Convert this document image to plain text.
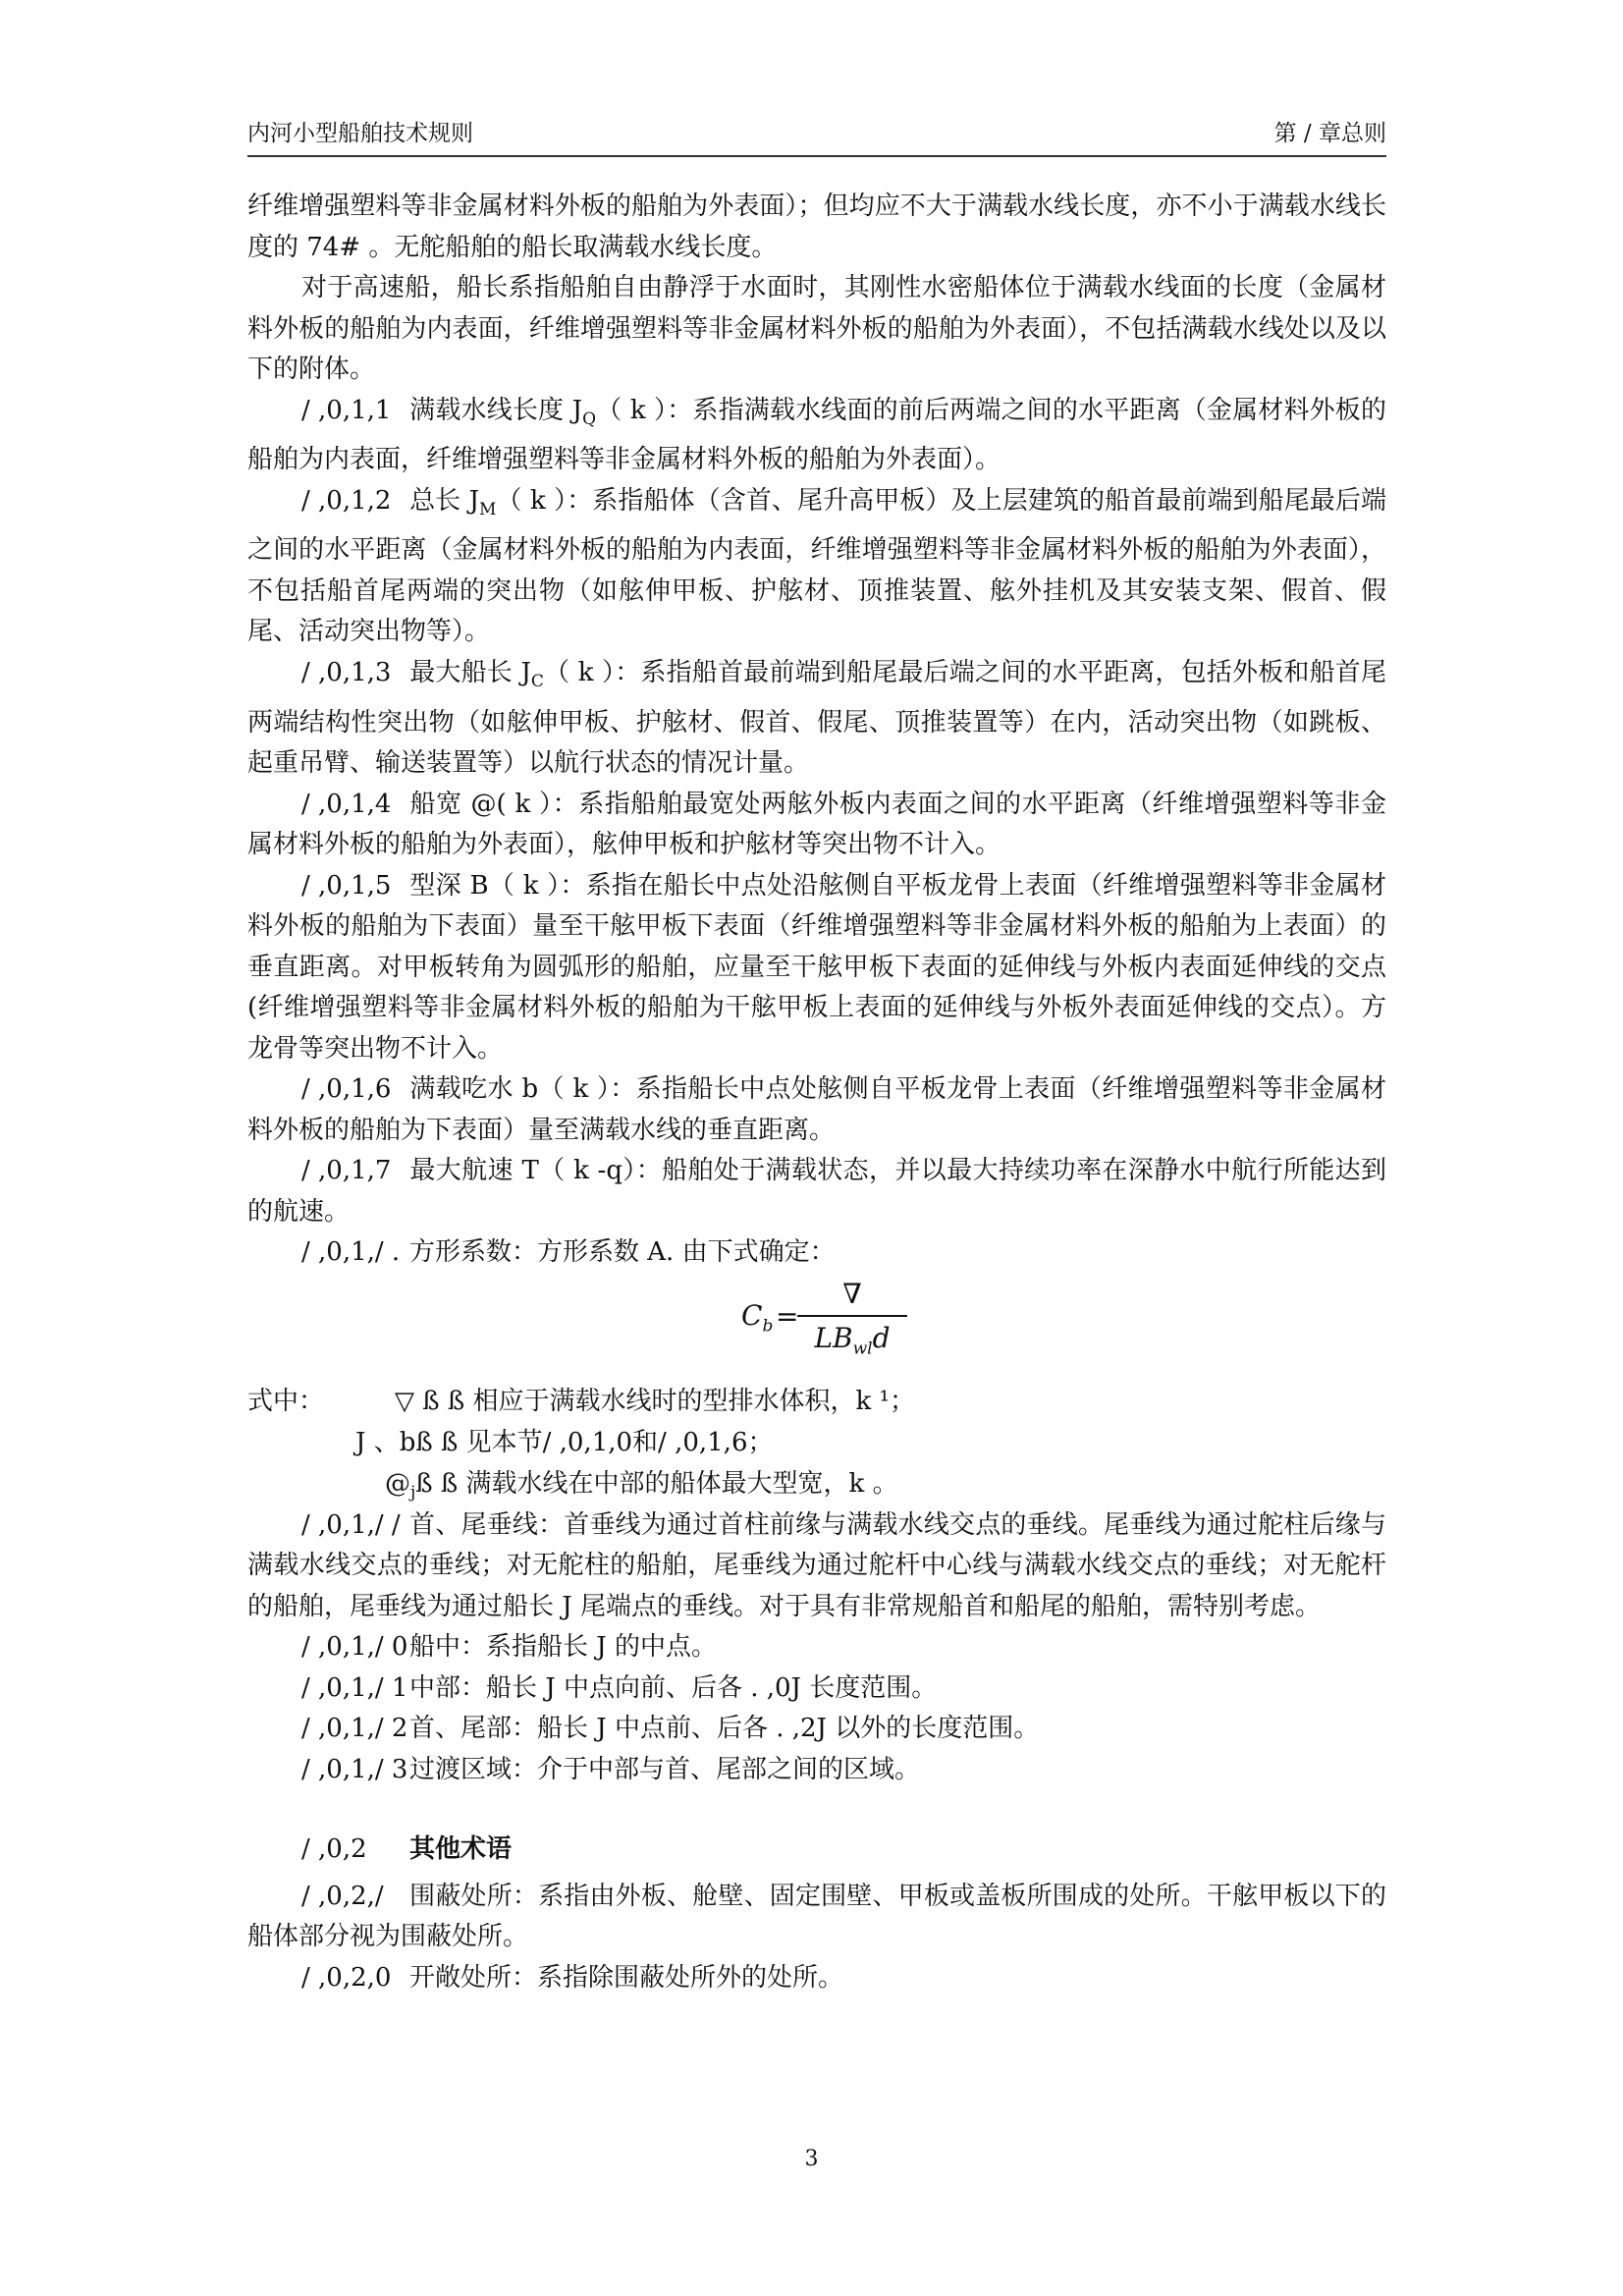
内河小型船舶技术规则	第 / 章总则

纤维增强塑料等非金属材料外板的船舶为外表面）；但均应不大于满载水线长度，亦不小于满载水线长度的 74# 。无舵船舶的船长取满载水线长度。

对于高速船，船长系指船舶自由静浮于水面时，其刚性水密船体位于满载水线面的长度（金属材料外板的船舶为内表面，纤维增强塑料等非金属材料外板的船舶为外表面），不包括满载水线处以及以下的附体。

/ ,0,1,1 满载水线长度 $J_Q$（ k ）：系指满载水线面的前后两端之间的水平距离（金属材料外板的船舶为内表面，纤维增强塑料等非金属材料外板的船舶为外表面）。

/ ,0,1,2 总长 $J_M$（ k ）：系指船体（含首、尾升高甲板）及上层建筑的船首最前端到船尾最后端之间的水平距离（金属材料外板的船舶为内表面，纤维增强塑料等非金属材料外板的船舶为外表面），不包括船首尾两端的突出物（如舷伸甲板、护舷材、顶推装置、舷外挂机及其安装支架、假首、假尾、活动突出物等）。

/ ,0,1,3 最大船长 $J_C$（ k ）：系指船首最前端到船尾最后端之间的水平距离，包括外板和船首尾两端结构性突出物（如舷伸甲板、护舷材、假首、假尾、顶推装置等）在内，活动突出物（如跳板、起重吊臂、输送装置等）以航行状态的情况计量。

/ ,0,1,4 船宽 @( k ）：系指船舶最宽处两舷外板内表面之间的水平距离（纤维增强塑料等非金属材料外板的船舶为外表面），舷伸甲板和护舷材等突出物不计入。

/ ,0,1,5 型深 B（ k ）：系指在船长中点处沿舷侧自平板龙骨上表面（纤维增强塑料等非金属材料外板的船舶为下表面）量至干舷甲板下表面（纤维增强塑料等非金属材料外板的船舶为上表面）的垂直距离。对甲板转角为圆弧形的船舶，应量至干舷甲板下表面的延伸线与外板内表面延伸线的交点(纤维增强塑料等非金属材料外板的船舶为干舷甲板上表面的延伸线与外板外表面延伸线的交点）。方龙骨等突出物不计入。

/ ,0,1,6 满载吃水 b（ k ）：系指船长中点处舷侧自平板龙骨上表面（纤维增强塑料等非金属材料外板的船舶为下表面）量至满载水线的垂直距离。

/ ,0,1,7 最大航速 T（ k -q）：船舶处于满载状态，并以最大持续功率在深静水中航行所能达到的航速。

/ ,0,1,/ . 方形系数：方形系数 A. 由下式确定：

$C_b$ =
∇
$LB_{wl}d$
式中：	▽ ß ß 相应于满载水线时的型排水体积，k ¹；
J 、bß ß 见本节/ ,0,1,0和/ ,0,1,6；
$@_jß$ ß 满载水线在中部的船体最大型宽，k 。

/ ,0,1,/ / 首、尾垂线：首垂线为通过首柱前缘与满载水线交点的垂线。尾垂线为通过舵柱后缘与满载水线交点的垂线；对无舵柱的船舶，尾垂线为通过舵杆中心线与满载水线交点的垂线；对无舵杆的船舶，尾垂线为通过船长 J 尾端点的垂线。对于具有非常规船首和船尾的船舶，需特别考虑。

/ ,0,1,/ 0船中：系指船长 J 的中点。

/ ,0,1,/ 1中部：船长 J 中点向前、后各 . ,0J 长度范围。

/ ,0,1,/ 2首、尾部：船长 J 中点前、后各 . ,2J 以外的长度范围。

/ ,0,1,/ 3过渡区域：介于中部与首、尾部之间的区域。

/ ,0,2 其他术语

/ ,0,2,/ 围蔽处所：系指由外板、舱壁、固定围壁、甲板或盖板所围成的处所。干舷甲板以下的船体部分视为围蔽处所。

/ ,0,2,0 开敞处所：系指除围蔽处所外的处所。

3
